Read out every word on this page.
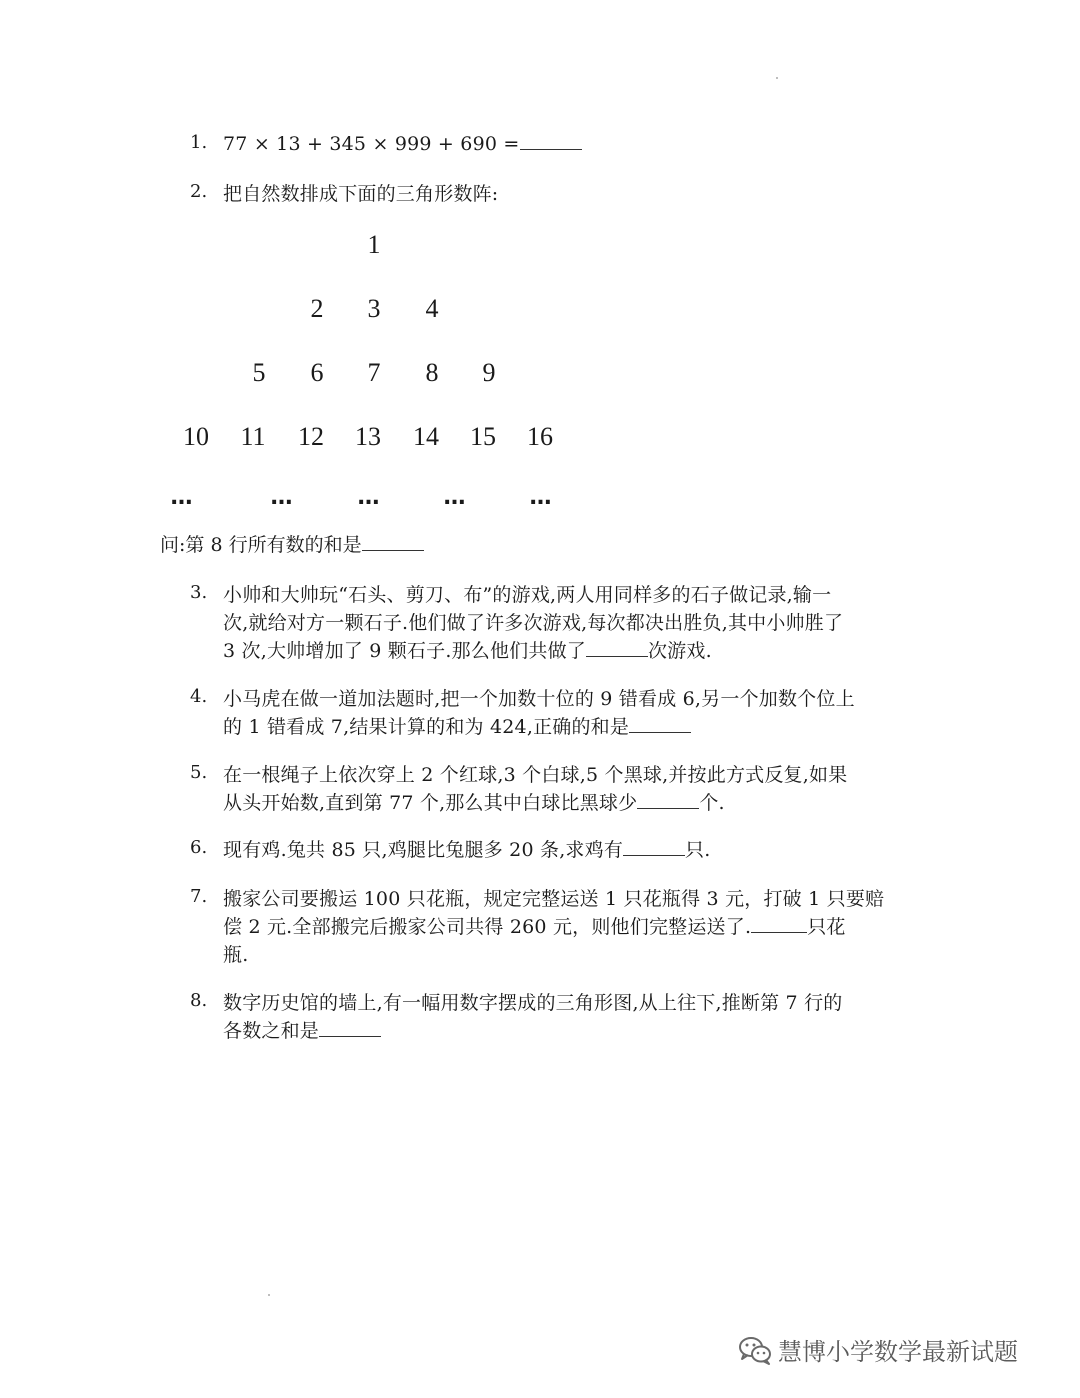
1. 77 × 13 + 345 × 999 + 690 =
2. 把自然数排成下面的三角形数阵:
1
2	3	4
5	6	7	8	9
10	11	12	13	14	15	16
…	…	…	…	…
问:第 8 行所有数的和是
3. 小帅和大帅玩“石头、剪刀、布”的游戏,两人用同样多的石子做记录,输一
次,就给对方一颗石子.他们做了许多次游戏,每次都决出胜负,其中小帅胜了
3 次,大帅增加了 9 颗石子.那么他们共做了	次游戏.
4. 小马虎在做一道加法题时,把一个加数十位的 9 错看成 6,另一个加数个位上
的 1 错看成 7,结果计算的和为 424,正确的和是
5. 在一根绳子上依次穿上 2 个红球,3 个白球,5 个黑球,并按此方式反复,如果
从头开始数,直到第 77 个,那么其中白球比黑球少	个.
6. 现有鸡.兔共 85 只,鸡腿比兔腿多 20 条,求鸡有	只.
7. 搬家公司要搬运 100 只花瓶，规定完整运送 1 只花瓶得 3 元，打破 1 只要赔
偿 2 元.全部搬完后搬家公司共得 260 元，则他们完整运送了.	只花
瓶.
8. 数字历史馆的墙上,有一幅用数字摆成的三角形图,从上往下,推断第 7 行的
各数之和是
慧博小学数学最新试题
